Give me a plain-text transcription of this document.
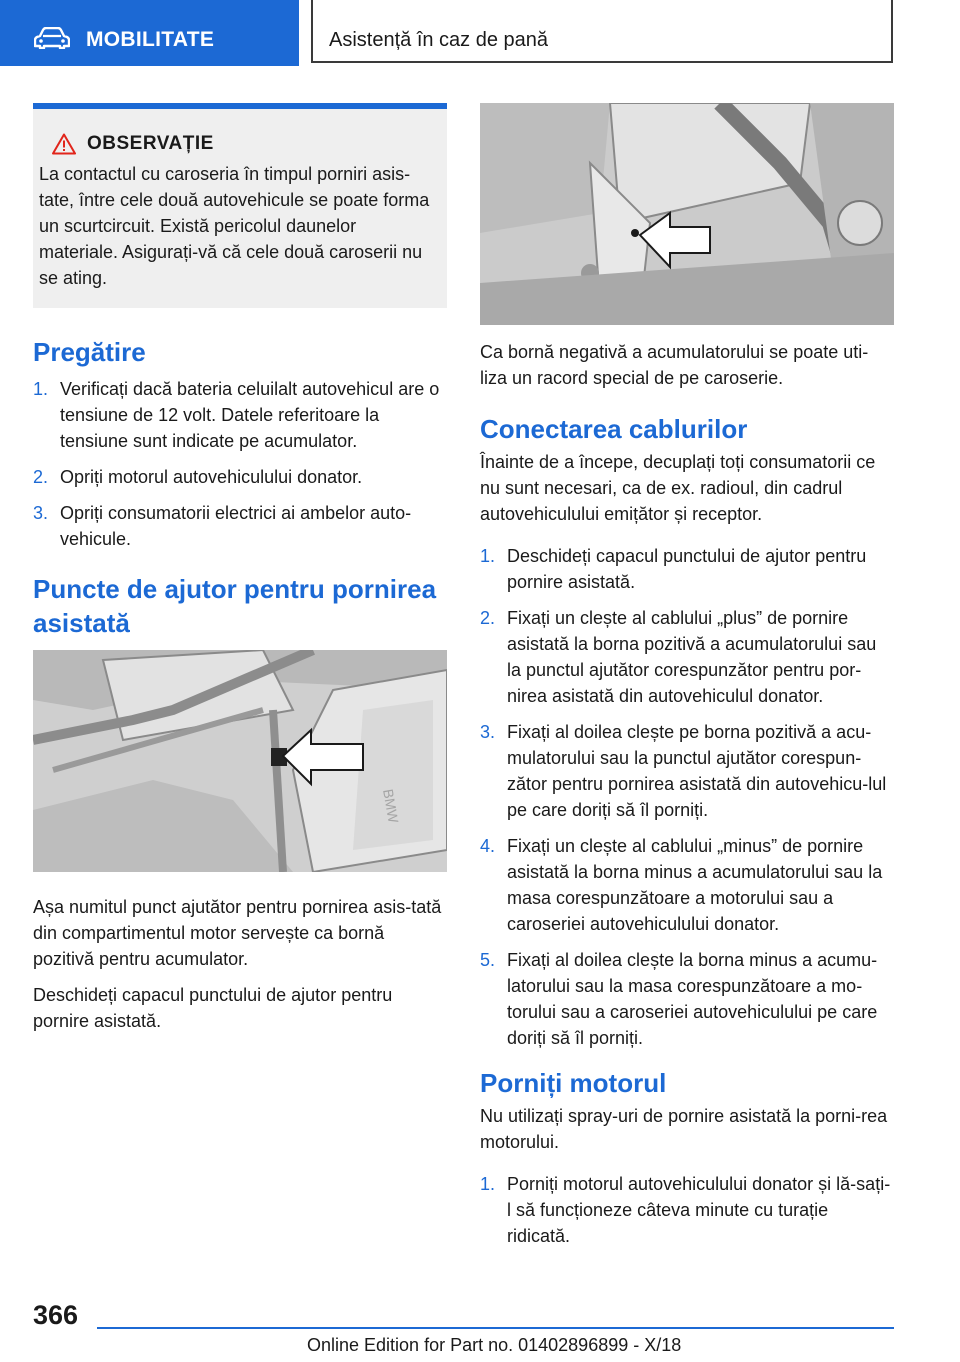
MOBILITATE	Asistență în caz de pană
OBSERVAȚIE

La contactul cu caroseria în timpul porniri asis-tate, între cele două autovehicule se poate forma un scurtcircuit. Există pericolul daunelor materiale. Asigurați-vă că cele două caroserii nu se ating.

Pregătire
1. Verificați dacă bateria celuilalt autovehicul are o tensiune de 12 volt. Datele referitoare la tensiune sunt indicate pe acumulator.
2. Opriți motorul autovehiculului donator.
3. Opriți consumatorii electrici ai ambelor auto-vehicule.
Puncte de ajutor pentru pornirea asistată
BMW

Așa numitul punct ajutător pentru pornirea asis-tată din compartimentul motor servește ca bornă pozitivă pentru acumulator.

Deschideți capacul punctului de ajutor pentru pornire asistată.

Ca bornă negativă a acumulatorului se poate uti-liza un racord special de pe caroserie.

Conectarea cablurilor

Înainte de a începe, decuplați toți consumatorii ce nu sunt necesari, ca de ex. radioul, din cadrul autovehiculului emițător și receptor.

1. Deschideți capacul punctului de ajutor pentru pornire asistată.
2. Fixați un clește al cablului „plus” de pornire asistată la borna pozitivă a acumulatorului sau la punctul ajutător corespunzător pentru por-nirea asistată din autovehiculul donator.
3. Fixați al doilea clește pe borna pozitivă a acu-mulatorului sau la punctul ajutător corespun-zător pentru pornirea asistată din autovehicu-lul pe care doriți să îl porniți.
4. Fixați un clește al cablului „minus” de pornire asistată la borna minus a acumulatorului sau la masa corespunzătoare a motorului sau a caroseriei autovehiculului donator.
5. Fixați al doilea clește la borna minus a acumu-latorului sau la masa corespunzătoare a mo-torului sau a caroseriei autovehiculului pe care doriți să îl porniți.
Porniți motorul

Nu utilizați spray-uri de pornire asistată la porni-rea motorului.

1. Porniți motorul autovehiculului donator și lă-sați-l să funcționeze câteva minute cu turație ridicată.
366
Online Edition for Part no. 01402896899 - X/18
